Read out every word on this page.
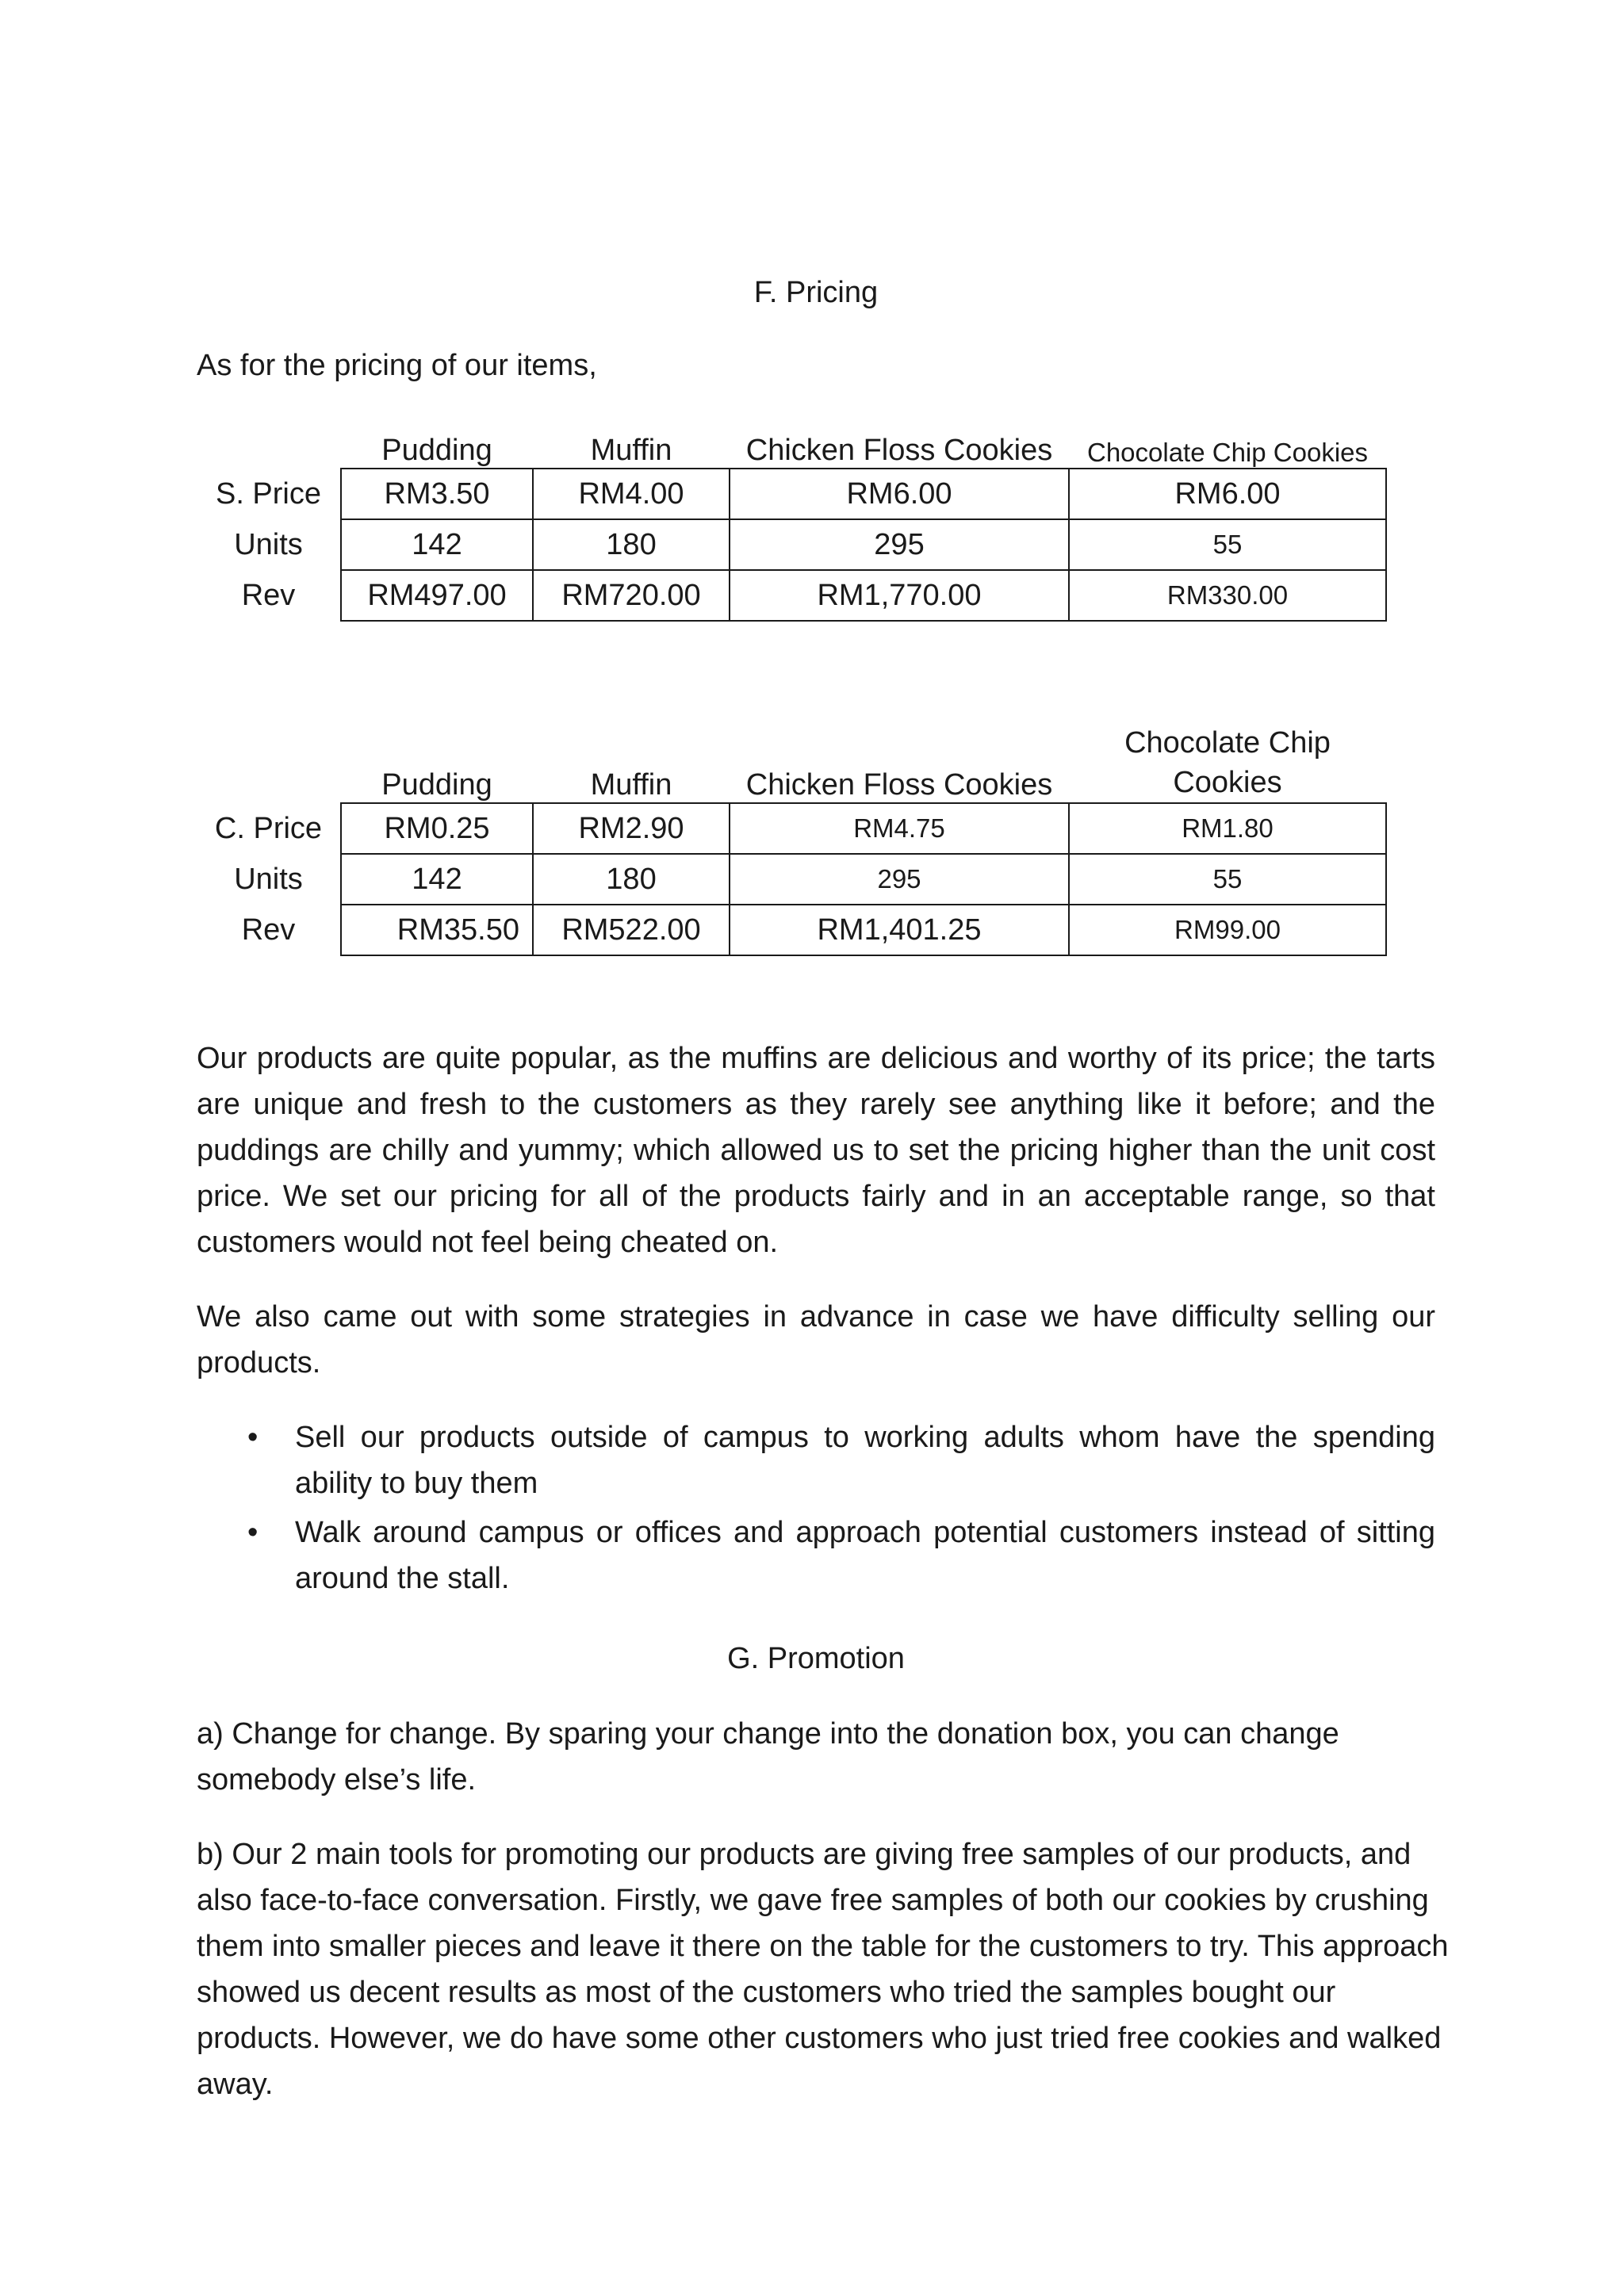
F. Pricing

As for the pricing of our items,

	Pudding	Muffin	Chicken Floss Cookies	Chocolate Chip Cookies
S. Price	RM3.50	RM4.00	RM6.00	RM6.00
Units	142	180	295	55
Rev	RM497.00	RM720.00	RM1,770.00	RM330.00
	Pudding	Muffin	Chicken Floss Cookies	Chocolate Chip Cookies
C. Price	RM0.25	RM2.90	RM4.75	RM1.80
Units	142	180	295	55
Rev	RM35.50	RM522.00	RM1,401.25	RM99.00

Our products are quite popular, as the muffins are delicious and worthy of its price; the tarts are unique and fresh to the customers as they rarely see anything like it before; and the puddings are chilly and yummy; which allowed us to set the pricing higher than the unit cost price. We set our pricing for all of the products fairly and in an acceptable range, so that customers would not feel being cheated on.

We also came out with some strategies in advance in case we have difficulty selling our products.

• Sell our products outside of campus to working adults whom have the spending ability to buy them
• Walk around campus or offices and approach potential customers instead of sitting around the stall.
G. Promotion

a) Change for change. By sparing your change into the donation box, you can change somebody else’s life.

b) Our 2 main tools for promoting our products are giving free samples of our products, and also face-to-face conversation. Firstly, we gave free samples of both our cookies by crushing them into smaller pieces and leave it there on the table for the customers to try. This approach showed us decent results as most of the customers who tried the samples bought our products. However, we do have some other customers who just tried free cookies and walked away.
